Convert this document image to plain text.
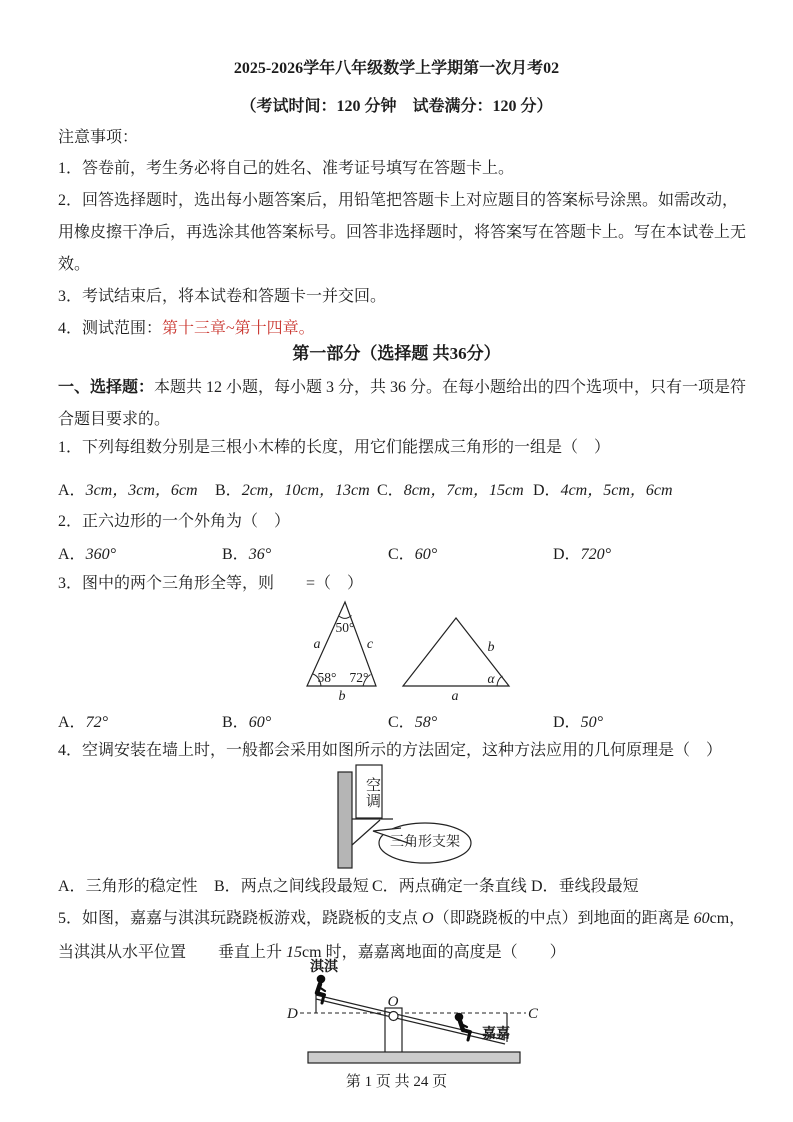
2025-2026学年八年级数学上学期第一次月考02
（考试时间：120 分钟　试卷满分：120 分）
注意事项：
1．答卷前，考生务必将自己的姓名、准考证号填写在答题卡上。
2．回答选择题时，选出每小题答案后，用铅笔把答题卡上对应题目的答案标号涂黑。如需改动，
用橡皮擦干净后，再选涂其他答案标号。回答非选择题时，将答案写在答题卡上。写在本试卷上无
效。
3．考试结束后，将本试卷和答题卡一并交回。
4．测试范围：第十三章~第十四章。
第一部分（选择题 共36分）
一、选择题：本题共 12 小题，每小题 3 分，共 36 分。在每小题给出的四个选项中，只有一项是符
合题目要求的。
1．下列每组数分别是三根小木棒的长度，用它们能摆成三角形的一组是（　）
A．3cm，3cm，6cm B．2cm，10cm，13cm C．8cm，7cm，15cm D．4cm，5cm，6cm
2．正六边形的一个外角为（　）
A．360°	B．36°	C．60°	D．720°
3．图中的两个三角形全等，则　　=（　）
50°
a	c
58° 72°
b
b
α
a
A．72°	B．60°	C．58°	D．50°
4．空调安装在墙上时，一般都会采用如图所示的方法固定，这种方法应用的几何原理是（　）
空调
三角形支架
A．三角形的稳定性 B．两点之间线段最短 C．两点确定一条直线 D．垂线段最短
5．如图，嘉嘉与淇淇玩跷跷板游戏，跷跷板的支点 O（即跷跷板的中点）到地面的距离是 60cm，
当淇淇从水平位置　　垂直上升 15cm 时，嘉嘉离地面的高度是（　　）
O
D	C
淇淇
嘉嘉
第 1 页 共 24 页
